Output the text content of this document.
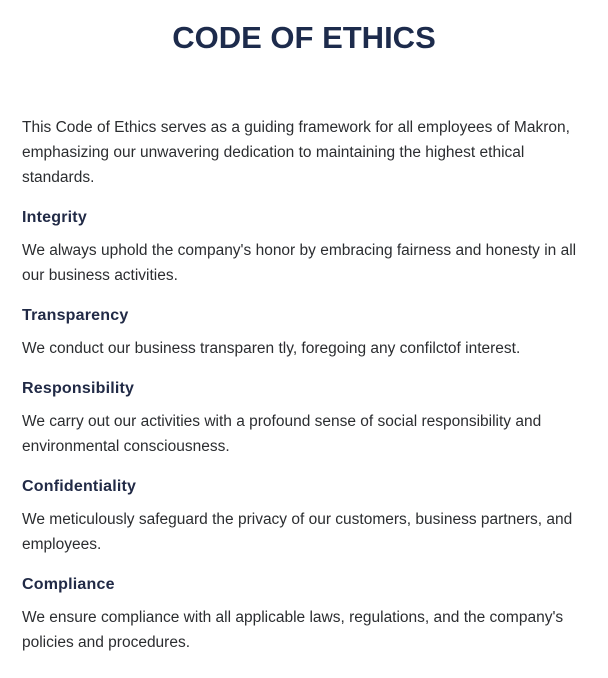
CODE OF ETHICS

This Code of Ethics serves as a guiding framework for all employees of Makron, emphasizing our unwavering dedication to maintaining the highest ethical standards.

Integrity

We always uphold the company's honor by embracing fairness and honesty in all our business activities.

Transparency

We conduct our business transparen tly, foregoing any confilctof interest.

Responsibility

We carry out our activities with a profound sense of social responsibility and environmental consciousness.

Confidentiality

We meticulously safeguard the privacy of our customers, business partners, and employees.

Compliance

We ensure compliance with all applicable laws, regulations, and the company's policies and procedures.
